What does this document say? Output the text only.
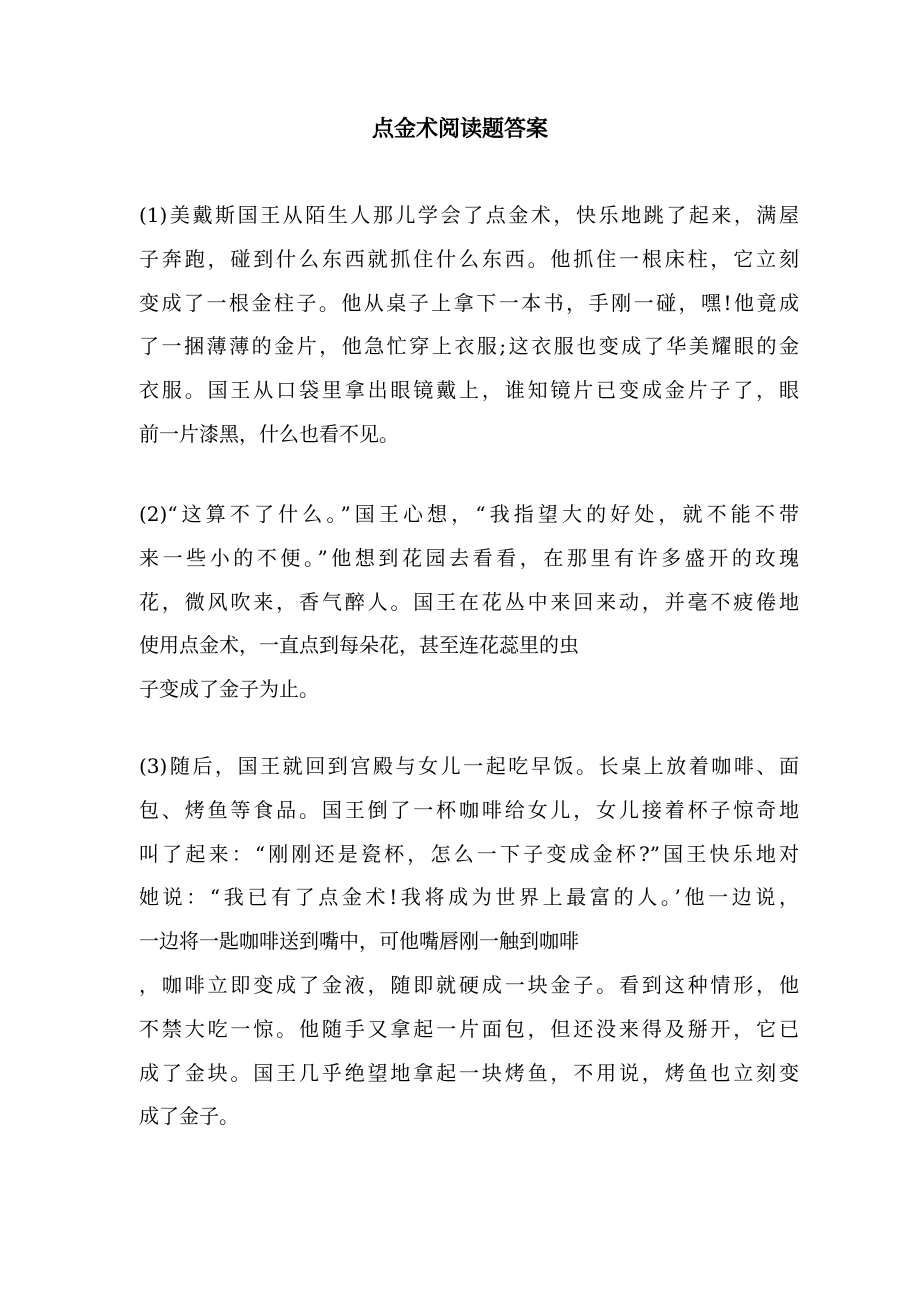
点金术阅读题答案
(1)美戴斯国王从陌生人那儿学会了点金术，快乐地跳了起来，满屋
子奔跑，碰到什么东西就抓住什么东西。他抓住一根床柱，它立刻
变成了一根金柱子。他从桌子上拿下一本书，手刚一碰，嘿!他竟成
了一捆薄薄的金片，他急忙穿上衣服;这衣服也变成了华美耀眼的金
衣服。国王从口袋里拿出眼镜戴上，谁知镜片已变成金片子了，眼
前一片漆黑，什么也看不见。
(2)“这算不了什么。”国王心想，“我指望大的好处，就不能不带
来一些小的不便。”他想到花园去看看，在那里有许多盛开的玫瑰
花，微风吹来，香气醉人。国王在花丛中来回来动，并毫不疲倦地
使用点金术，一直点到每朵花，甚至连花蕊里的虫
子变成了金子为止。
(3)随后，国王就回到宫殿与女儿一起吃早饭。长桌上放着咖啡、面
包、烤鱼等食品。国王倒了一杯咖啡给女儿，女儿接着杯子惊奇地
叫了起来：“刚刚还是瓷杯，怎么一下子变成金杯?”国王快乐地对
她说：“我已有了点金术!我将成为世界上最富的人。’他一边说，
一边将一匙咖啡送到嘴中，可他嘴唇刚一触到咖啡
，咖啡立即变成了金液，随即就硬成一块金子。看到这种情形，他
不禁大吃一惊。他随手又拿起一片面包，但还没来得及掰开，它已
成了金块。国王几乎绝望地拿起一块烤鱼，不用说，烤鱼也立刻变
成了金子。
